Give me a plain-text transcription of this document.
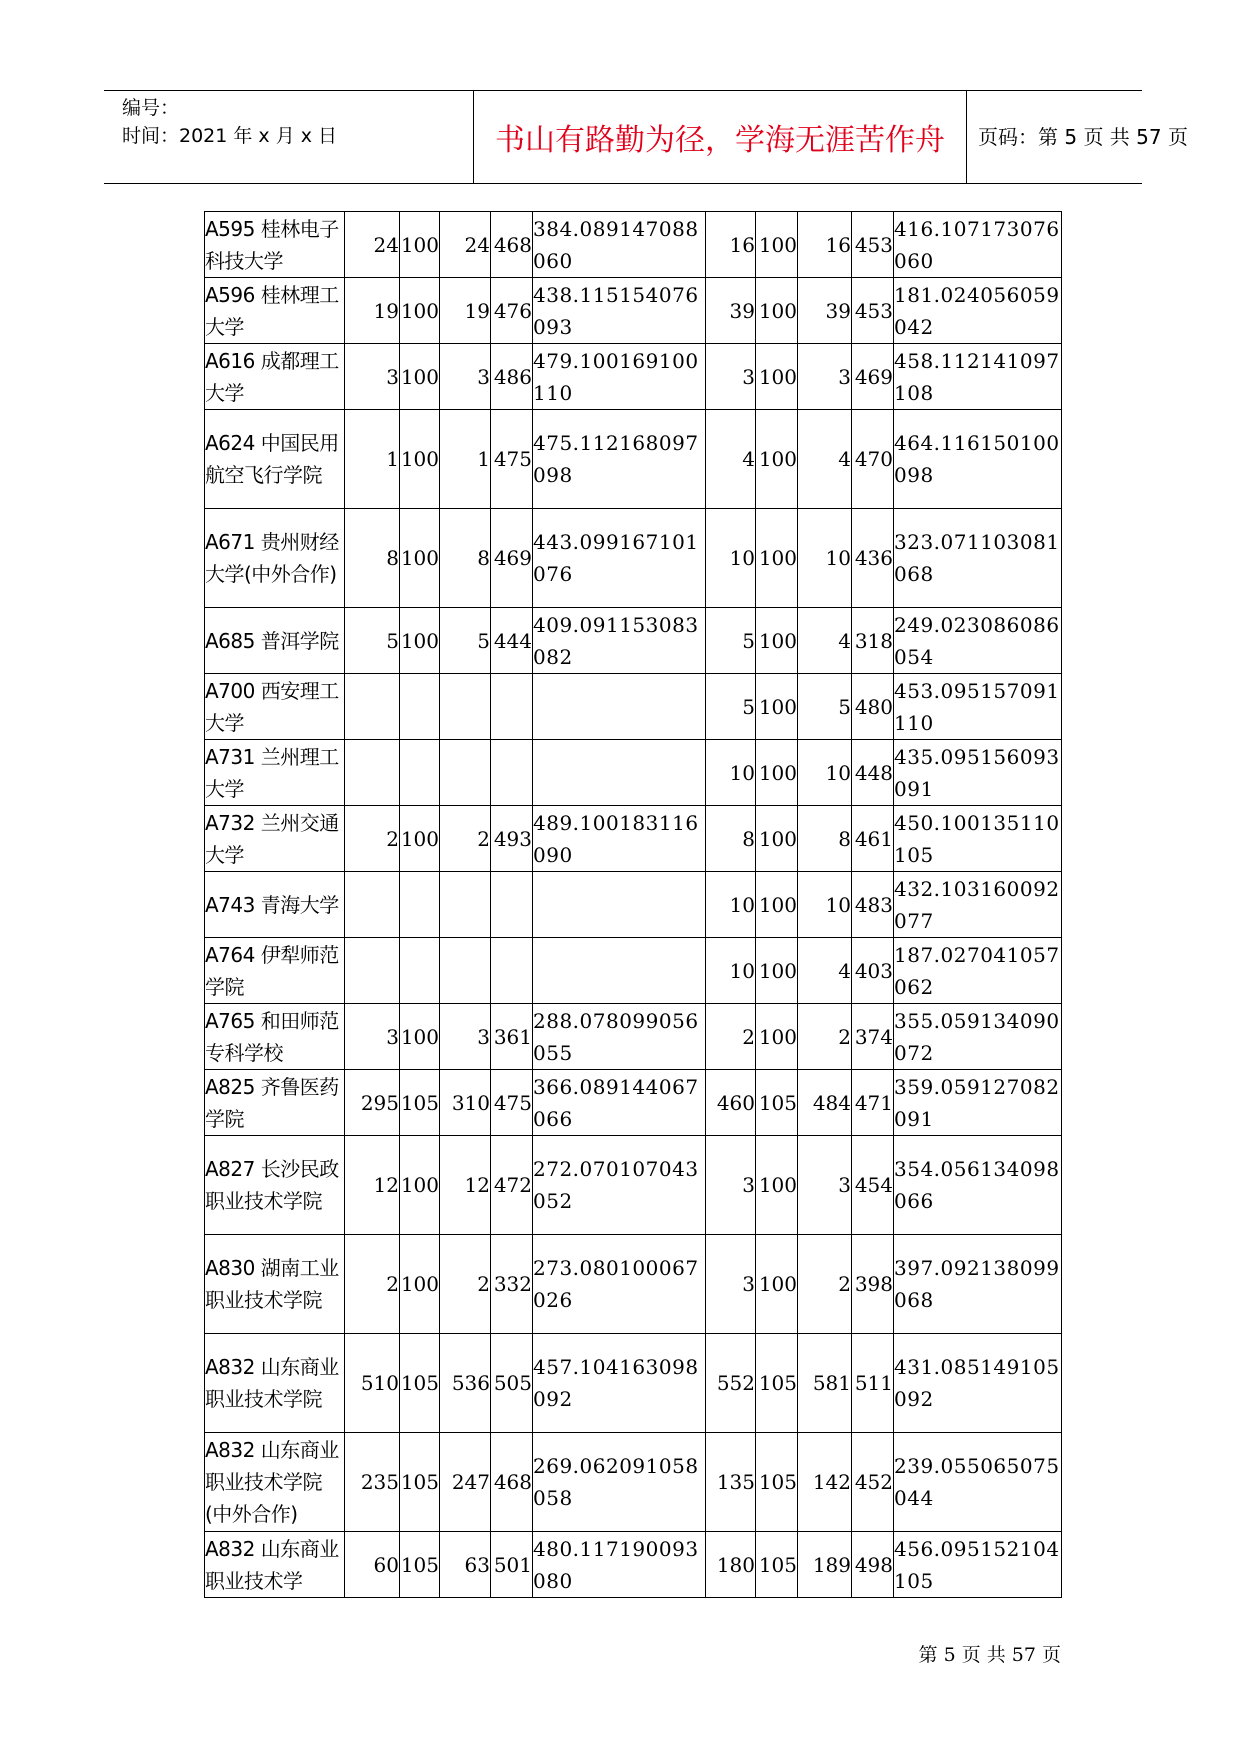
编号：
时间：2021 年 x 月 x 日	书山有路勤为径，学海无涯苦作舟	页码：第 5 页 共 57 页
A595 桂林电子科技大学	24	100	24	468	384.089147088060	16	100	16	453	416.107173076060
A596 桂林理工大学	19	100	19	476	438.115154076093	39	100	39	453	181.024056059042
A616 成都理工大学	3	100	3	486	479.100169100110	3	100	3	469	458.112141097108
A624 中国民用航空飞行学院	1	100	1	475	475.112168097098	4	100	4	470	464.116150100098
A671 贵州财经大学(中外合作)	8	100	8	469	443.099167101076	10	100	10	436	323.071103081068
A685 普洱学院	5	100	5	444	409.091153083082	5	100	4	318	249.023086086054
A700 西安理工大学						5	100	5	480	453.095157091110
A731 兰州理工大学						10	100	10	448	435.095156093091
A732 兰州交通大学	2	100	2	493	489.100183116090	8	100	8	461	450.100135110105
A743 青海大学						10	100	10	483	432.103160092077
A764 伊犁师范学院						10	100	4	403	187.027041057062
A765 和田师范专科学校	3	100	3	361	288.078099056055	2	100	2	374	355.059134090072
A825 齐鲁医药学院	295	105	310	475	366.089144067066	460	105	484	471	359.059127082091
A827 长沙民政职业技术学院	12	100	12	472	272.070107043052	3	100	3	454	354.056134098066
A830 湖南工业职业技术学院	2	100	2	332	273.080100067026	3	100	2	398	397.092138099068
A832 山东商业职业技术学院	510	105	536	505	457.104163098092	552	105	581	511	431.085149105092
A832 山东商业职业技术学院(中外合作)	235	105	247	468	269.062091058058	135	105	142	452	239.055065075044
A832 山东商业职业技术学	60	105	63	501	480.117190093080	180	105	189	498	456.095152104105
第 5 页 共 57 页
